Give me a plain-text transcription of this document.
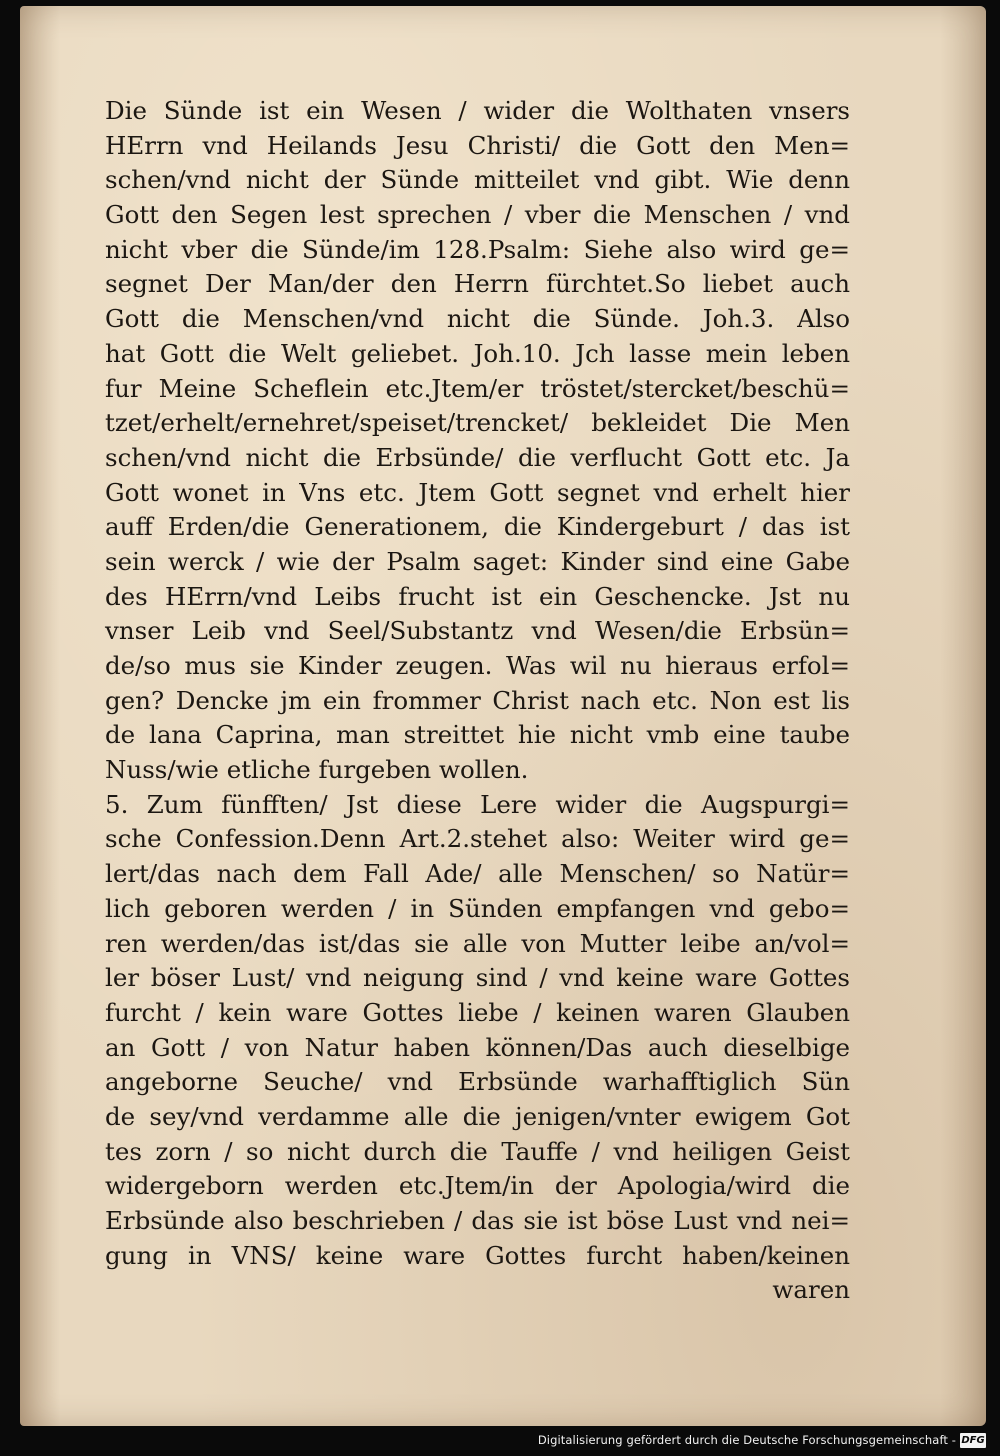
Die Sünde ist ein Wesen / wider die Wolthaten vnsers
HErrn vnd Heilands Jesu Christi/ die Gott den Men=
schen/vnd nicht der Sünde mitteilet vnd gibt. Wie denn
Gott den Segen lest sprechen / vber die Menschen / vnd
nicht vber die Sünde/im 128.Psalm: Siehe also wird ge=
segnet Der Man/der den Herrn fürchtet.So liebet auch
Gott die Menschen/vnd nicht die Sünde. Joh.3. Also
hat Gott die Welt geliebet. Joh.10. Jch lasse mein leben
fur Meine Scheflein etc.Jtem/er tröstet/stercket/beschü=
tzet/erhelt/ernehret/speiset/trencket/ bekleidet Die Men
schen/vnd nicht die Erbsünde/ die verflucht Gott etc. Ja
Gott wonet in Vns etc. Jtem Gott segnet vnd erhelt hier
auff Erden/die Generationem, die Kindergeburt / das ist
sein werck / wie der Psalm saget: Kinder sind eine Gabe
des HErrn/vnd Leibs frucht ist ein Geschencke. Jst nu
vnser Leib vnd Seel/Substantz vnd Wesen/die Erbsün=
de/so mus sie Kinder zeugen. Was wil nu hieraus erfol=
gen? Dencke jm ein frommer Christ nach etc. Non est lis
de lana Caprina, man streittet hie nicht vmb eine taube
Nuss/wie etliche furgeben wollen.
5. Zum fünfften/ Jst diese Lere wider die Augspurgi=
sche Confession.Denn Art.2.stehet also: Weiter wird ge=
lert/das nach dem Fall Ade/ alle Menschen/ so Natür=
lich geboren werden / in Sünden empfangen vnd gebo=
ren werden/das ist/das sie alle von Mutter leibe an/vol=
ler böser Lust/ vnd neigung sind / vnd keine ware Gottes
furcht / kein ware Gottes liebe / keinen waren Glauben
an Gott / von Natur haben können/Das auch dieselbige
angeborne Seuche/ vnd Erbsünde warhafftiglich Sün
de sey/vnd verdamme alle die jenigen/vnter ewigem Got
tes zorn / so nicht durch die Tauffe / vnd heiligen Geist
widergeborn werden etc.Jtem/in der Apologia/wird die
Erbsünde also beschrieben / das sie ist böse Lust vnd nei=
gung in VNS/ keine ware Gottes furcht haben/keinen
waren
Digitalisierung gefördert durch die Deutsche Forschungsgemeinschaft - DFG
